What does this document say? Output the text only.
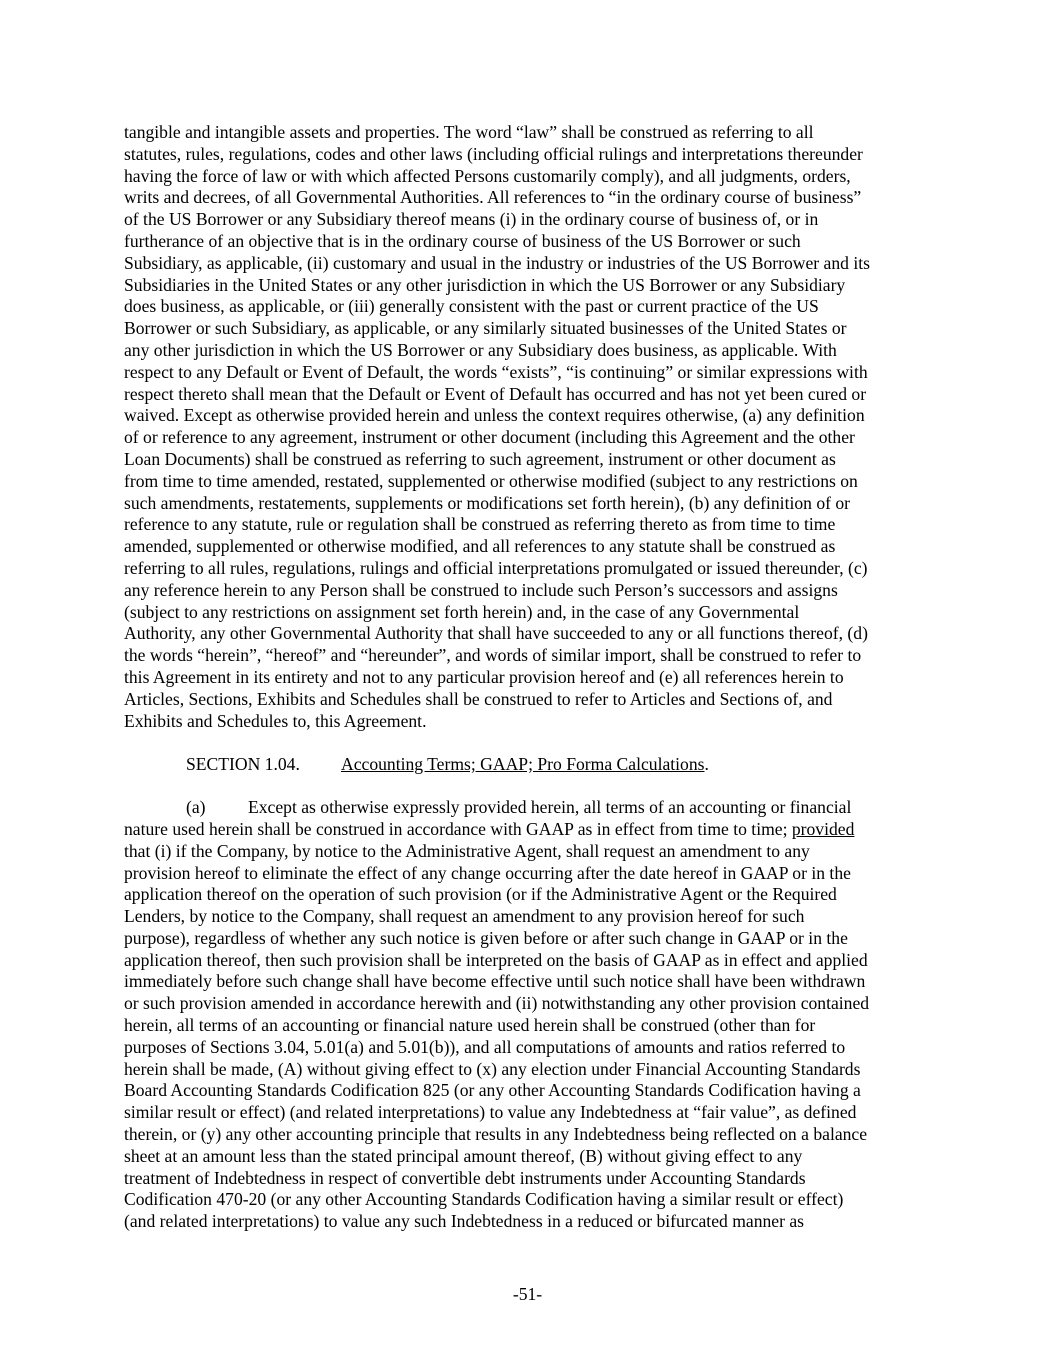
tangible and intangible assets and properties. The word “law” shall be construed as referring to all
statutes, rules, regulations, codes and other laws (including official rulings and interpretations thereunder
having the force of law or with which affected Persons customarily comply), and all judgments, orders,
writs and decrees, of all Governmental Authorities. All references to “in the ordinary course of business”
of the US Borrower or any Subsidiary thereof means (i) in the ordinary course of business of, or in
furtherance of an objective that is in the ordinary course of business of the US Borrower or such
Subsidiary, as applicable, (ii) customary and usual in the industry or industries of the US Borrower and its
Subsidiaries in the United States or any other jurisdiction in which the US Borrower or any Subsidiary
does business, as applicable, or (iii) generally consistent with the past or current practice of the US
Borrower or such Subsidiary, as applicable, or any similarly situated businesses of the United States or
any other jurisdiction in which the US Borrower or any Subsidiary does business, as applicable. With
respect to any Default or Event of Default, the words “exists”, “is continuing” or similar expressions with
respect thereto shall mean that the Default or Event of Default has occurred and has not yet been cured or
waived. Except as otherwise provided herein and unless the context requires otherwise, (a) any definition
of or reference to any agreement, instrument or other document (including this Agreement and the other
Loan Documents) shall be construed as referring to such agreement, instrument or other document as
from time to time amended, restated, supplemented or otherwise modified (subject to any restrictions on
such amendments, restatements, supplements or modifications set forth herein), (b) any definition of or
reference to any statute, rule or regulation shall be construed as referring thereto as from time to time
amended, supplemented or otherwise modified, and all references to any statute shall be construed as
referring to all rules, regulations, rulings and official interpretations promulgated or issued thereunder, (c)
any reference herein to any Person shall be construed to include such Person’s successors and assigns
(subject to any restrictions on assignment set forth herein) and, in the case of any Governmental
Authority, any other Governmental Authority that shall have succeeded to any or all functions thereof, (d)
the words “herein”, “hereof” and “hereunder”, and words of similar import, shall be construed to refer to
this Agreement in its entirety and not to any particular provision hereof and (e) all references herein to
Articles, Sections, Exhibits and Schedules shall be construed to refer to Articles and Sections of, and
Exhibits and Schedules to, this Agreement.
SECTION 1.04. Accounting Terms; GAAP; Pro Forma Calculations.
(a) Except as otherwise expressly provided herein, all terms of an accounting or financial
nature used herein shall be construed in accordance with GAAP as in effect from time to time; provided
that (i) if the Company, by notice to the Administrative Agent, shall request an amendment to any
provision hereof to eliminate the effect of any change occurring after the date hereof in GAAP or in the
application thereof on the operation of such provision (or if the Administrative Agent or the Required
Lenders, by notice to the Company, shall request an amendment to any provision hereof for such
purpose), regardless of whether any such notice is given before or after such change in GAAP or in the
application thereof, then such provision shall be interpreted on the basis of GAAP as in effect and applied
immediately before such change shall have become effective until such notice shall have been withdrawn
or such provision amended in accordance herewith and (ii) notwithstanding any other provision contained
herein, all terms of an accounting or financial nature used herein shall be construed (other than for
purposes of Sections 3.04, 5.01(a) and 5.01(b)), and all computations of amounts and ratios referred to
herein shall be made, (A) without giving effect to (x) any election under Financial Accounting Standards
Board Accounting Standards Codification 825 (or any other Accounting Standards Codification having a
similar result or effect) (and related interpretations) to value any Indebtedness at “fair value”, as defined
therein, or (y) any other accounting principle that results in any Indebtedness being reflected on a balance
sheet at an amount less than the stated principal amount thereof, (B) without giving effect to any
treatment of Indebtedness in respect of convertible debt instruments under Accounting Standards
Codification 470-20 (or any other Accounting Standards Codification having a similar result or effect)
(and related interpretations) to value any such Indebtedness in a reduced or bifurcated manner as
-51-
